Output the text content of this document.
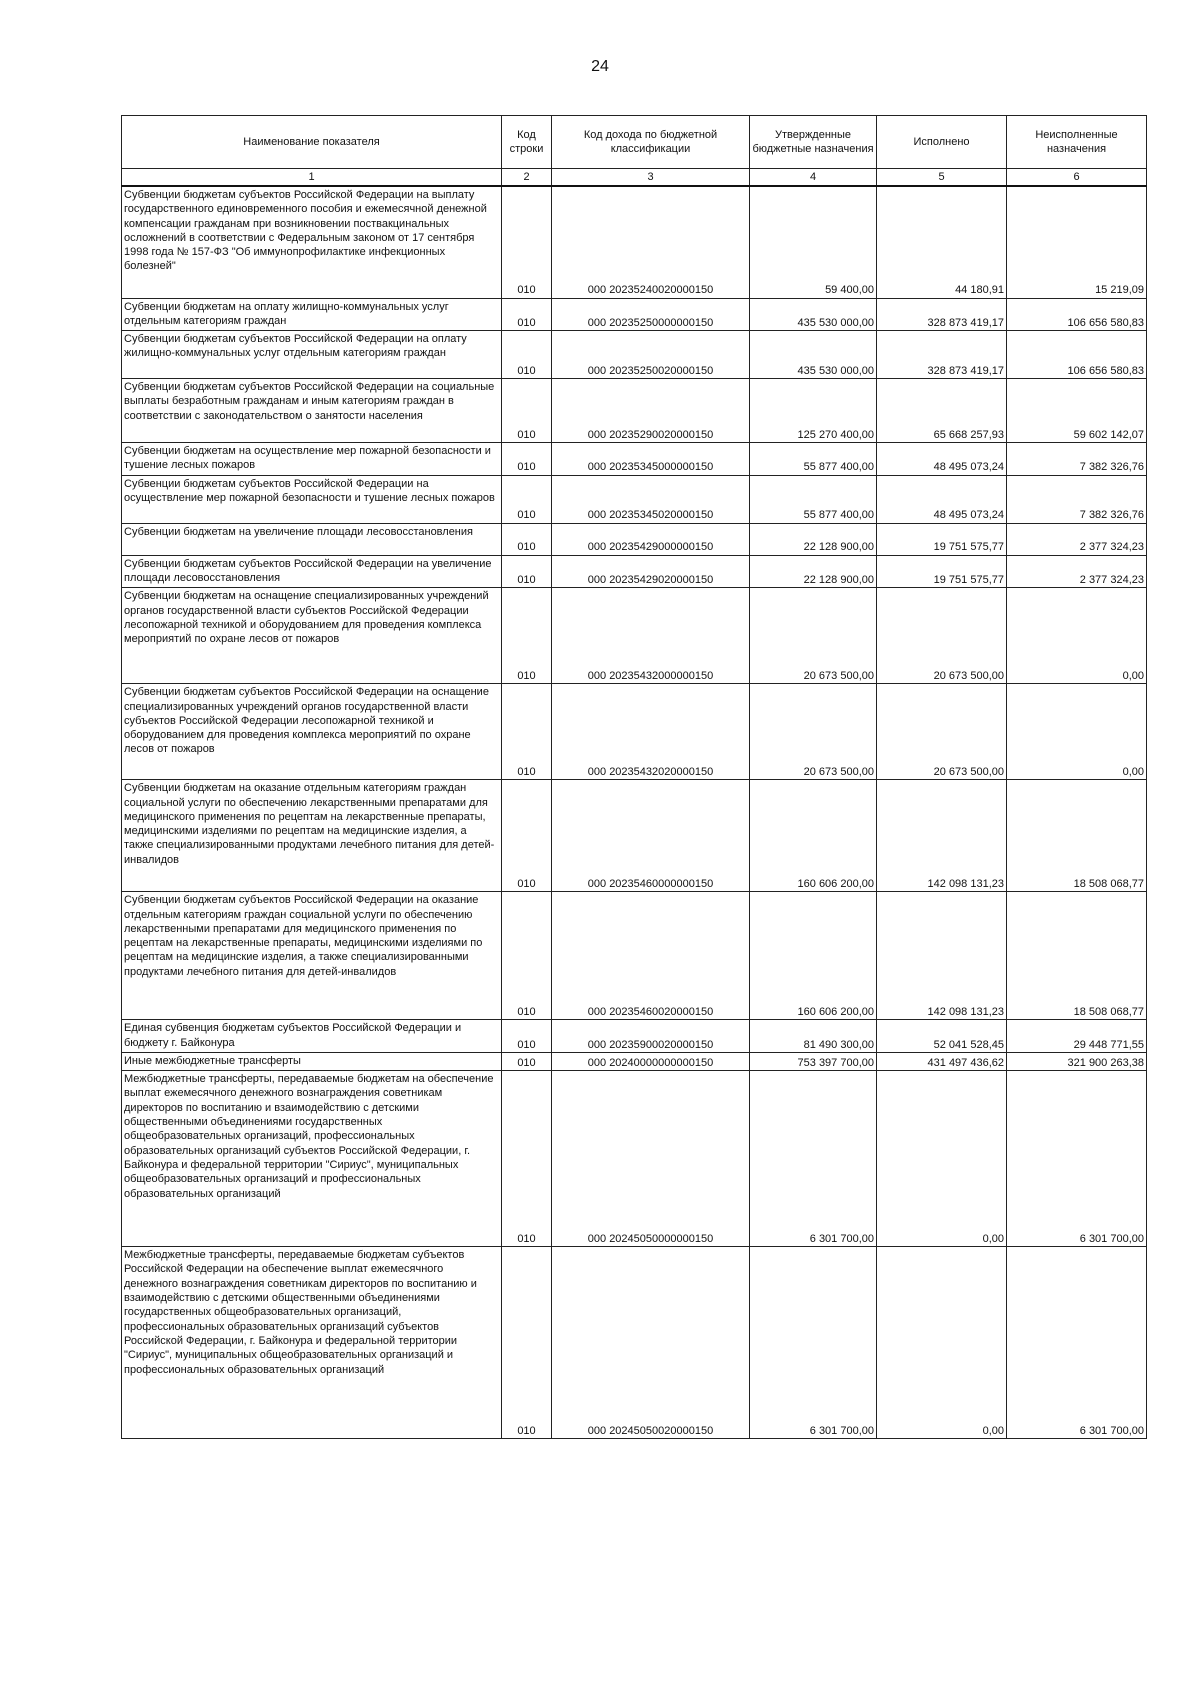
24
Наименование показателя	Код строки	Код дохода по бюджетной классификации	Утвержденные бюджетные назначения	Исполнено	Неисполненные назначения
1	2	3	4	5	6
Субвенции бюджетам субъектов Российской Федерации на выплату государственного единовременного пособия и ежемесячной денежной компенсации гражданам при возникновении поствакцинальных осложнений в соответствии с Федеральным законом от 17 сентября 1998 года № 157-ФЗ "Об иммунопрофилактике инфекционных болезней"	010	000 20235240020000150	59 400,00	44 180,91	15 219,09
Субвенции бюджетам на оплату жилищно-коммунальных услуг отдельным категориям граждан	010	000 20235250000000150	435 530 000,00	328 873 419,17	106 656 580,83
Субвенции бюджетам субъектов Российской Федерации на оплату жилищно-коммунальных услуг отдельным категориям граждан	010	000 20235250020000150	435 530 000,00	328 873 419,17	106 656 580,83
Субвенции бюджетам субъектов Российской Федерации на социальные выплаты безработным гражданам и иным категориям граждан в соответствии с законодательством о занятости населения	010	000 20235290020000150	125 270 400,00	65 668 257,93	59 602 142,07
Субвенции бюджетам на осуществление мер пожарной безопасности и тушение лесных пожаров	010	000 20235345000000150	55 877 400,00	48 495 073,24	7 382 326,76
Субвенции бюджетам субъектов Российской Федерации на осуществление мер пожарной безопасности и тушение лесных пожаров	010	000 20235345020000150	55 877 400,00	48 495 073,24	7 382 326,76
Субвенции бюджетам на увеличение площади лесовосстановления	010	000 20235429000000150	22 128 900,00	19 751 575,77	2 377 324,23
Субвенции бюджетам субъектов Российской Федерации на увеличение площади лесовосстановления	010	000 20235429020000150	22 128 900,00	19 751 575,77	2 377 324,23
Субвенции бюджетам на оснащение специализированных учреждений органов государственной власти субъектов Российской Федерации лесопожарной техникой и оборудованием для проведения комплекса мероприятий по охране лесов от пожаров	010	000 20235432000000150	20 673 500,00	20 673 500,00	0,00
Субвенции бюджетам субъектов Российской Федерации на оснащение специализированных учреждений органов государственной власти субъектов Российской Федерации лесопожарной техникой и оборудованием для проведения комплекса мероприятий по охране лесов от пожаров	010	000 20235432020000150	20 673 500,00	20 673 500,00	0,00
Субвенции бюджетам на оказание отдельным категориям граждан социальной услуги по обеспечению лекарственными препаратами для медицинского применения по рецептам на лекарственные препараты, медицинскими изделиями по рецептам на медицинские изделия, а также специализированными продуктами лечебного питания для детей-инвалидов	010	000 20235460000000150	160 606 200,00	142 098 131,23	18 508 068,77
Субвенции бюджетам субъектов Российской Федерации на оказание отдельным категориям граждан социальной услуги по обеспечению лекарственными препаратами для медицинского применения по рецептам на лекарственные препараты, медицинскими изделиями по рецептам на медицинские изделия, а также специализированными продуктами лечебного питания для детей-инвалидов	010	000 20235460020000150	160 606 200,00	142 098 131,23	18 508 068,77
Единая субвенция бюджетам субъектов Российской Федерации и бюджету г. Байконура	010	000 20235900020000150	81 490 300,00	52 041 528,45	29 448 771,55
Иные межбюджетные трансферты	010	000 20240000000000150	753 397 700,00	431 497 436,62	321 900 263,38
Межбюджетные трансферты, передаваемые бюджетам на обеспечение выплат ежемесячного денежного вознаграждения советникам директоров по воспитанию и взаимодействию с детскими общественными объединениями государственных общеобразовательных организаций, профессиональных образовательных организаций субъектов Российской Федерации, г. Байконура и федеральной территории "Сириус", муниципальных общеобразовательных организаций и профессиональных образовательных организаций	010	000 20245050000000150	6 301 700,00	0,00	6 301 700,00
Межбюджетные трансферты, передаваемые бюджетам субъектов Российской Федерации на обеспечение выплат ежемесячного денежного вознаграждения советникам директоров по воспитанию и взаимодействию с детскими общественными объединениями государственных общеобразовательных организаций, профессиональных образовательных организаций субъектов Российской Федерации, г. Байконура и федеральной территории "Сириус", муниципальных общеобразовательных организаций и профессиональных образовательных организаций	010	000 20245050020000150	6 301 700,00	0,00	6 301 700,00
